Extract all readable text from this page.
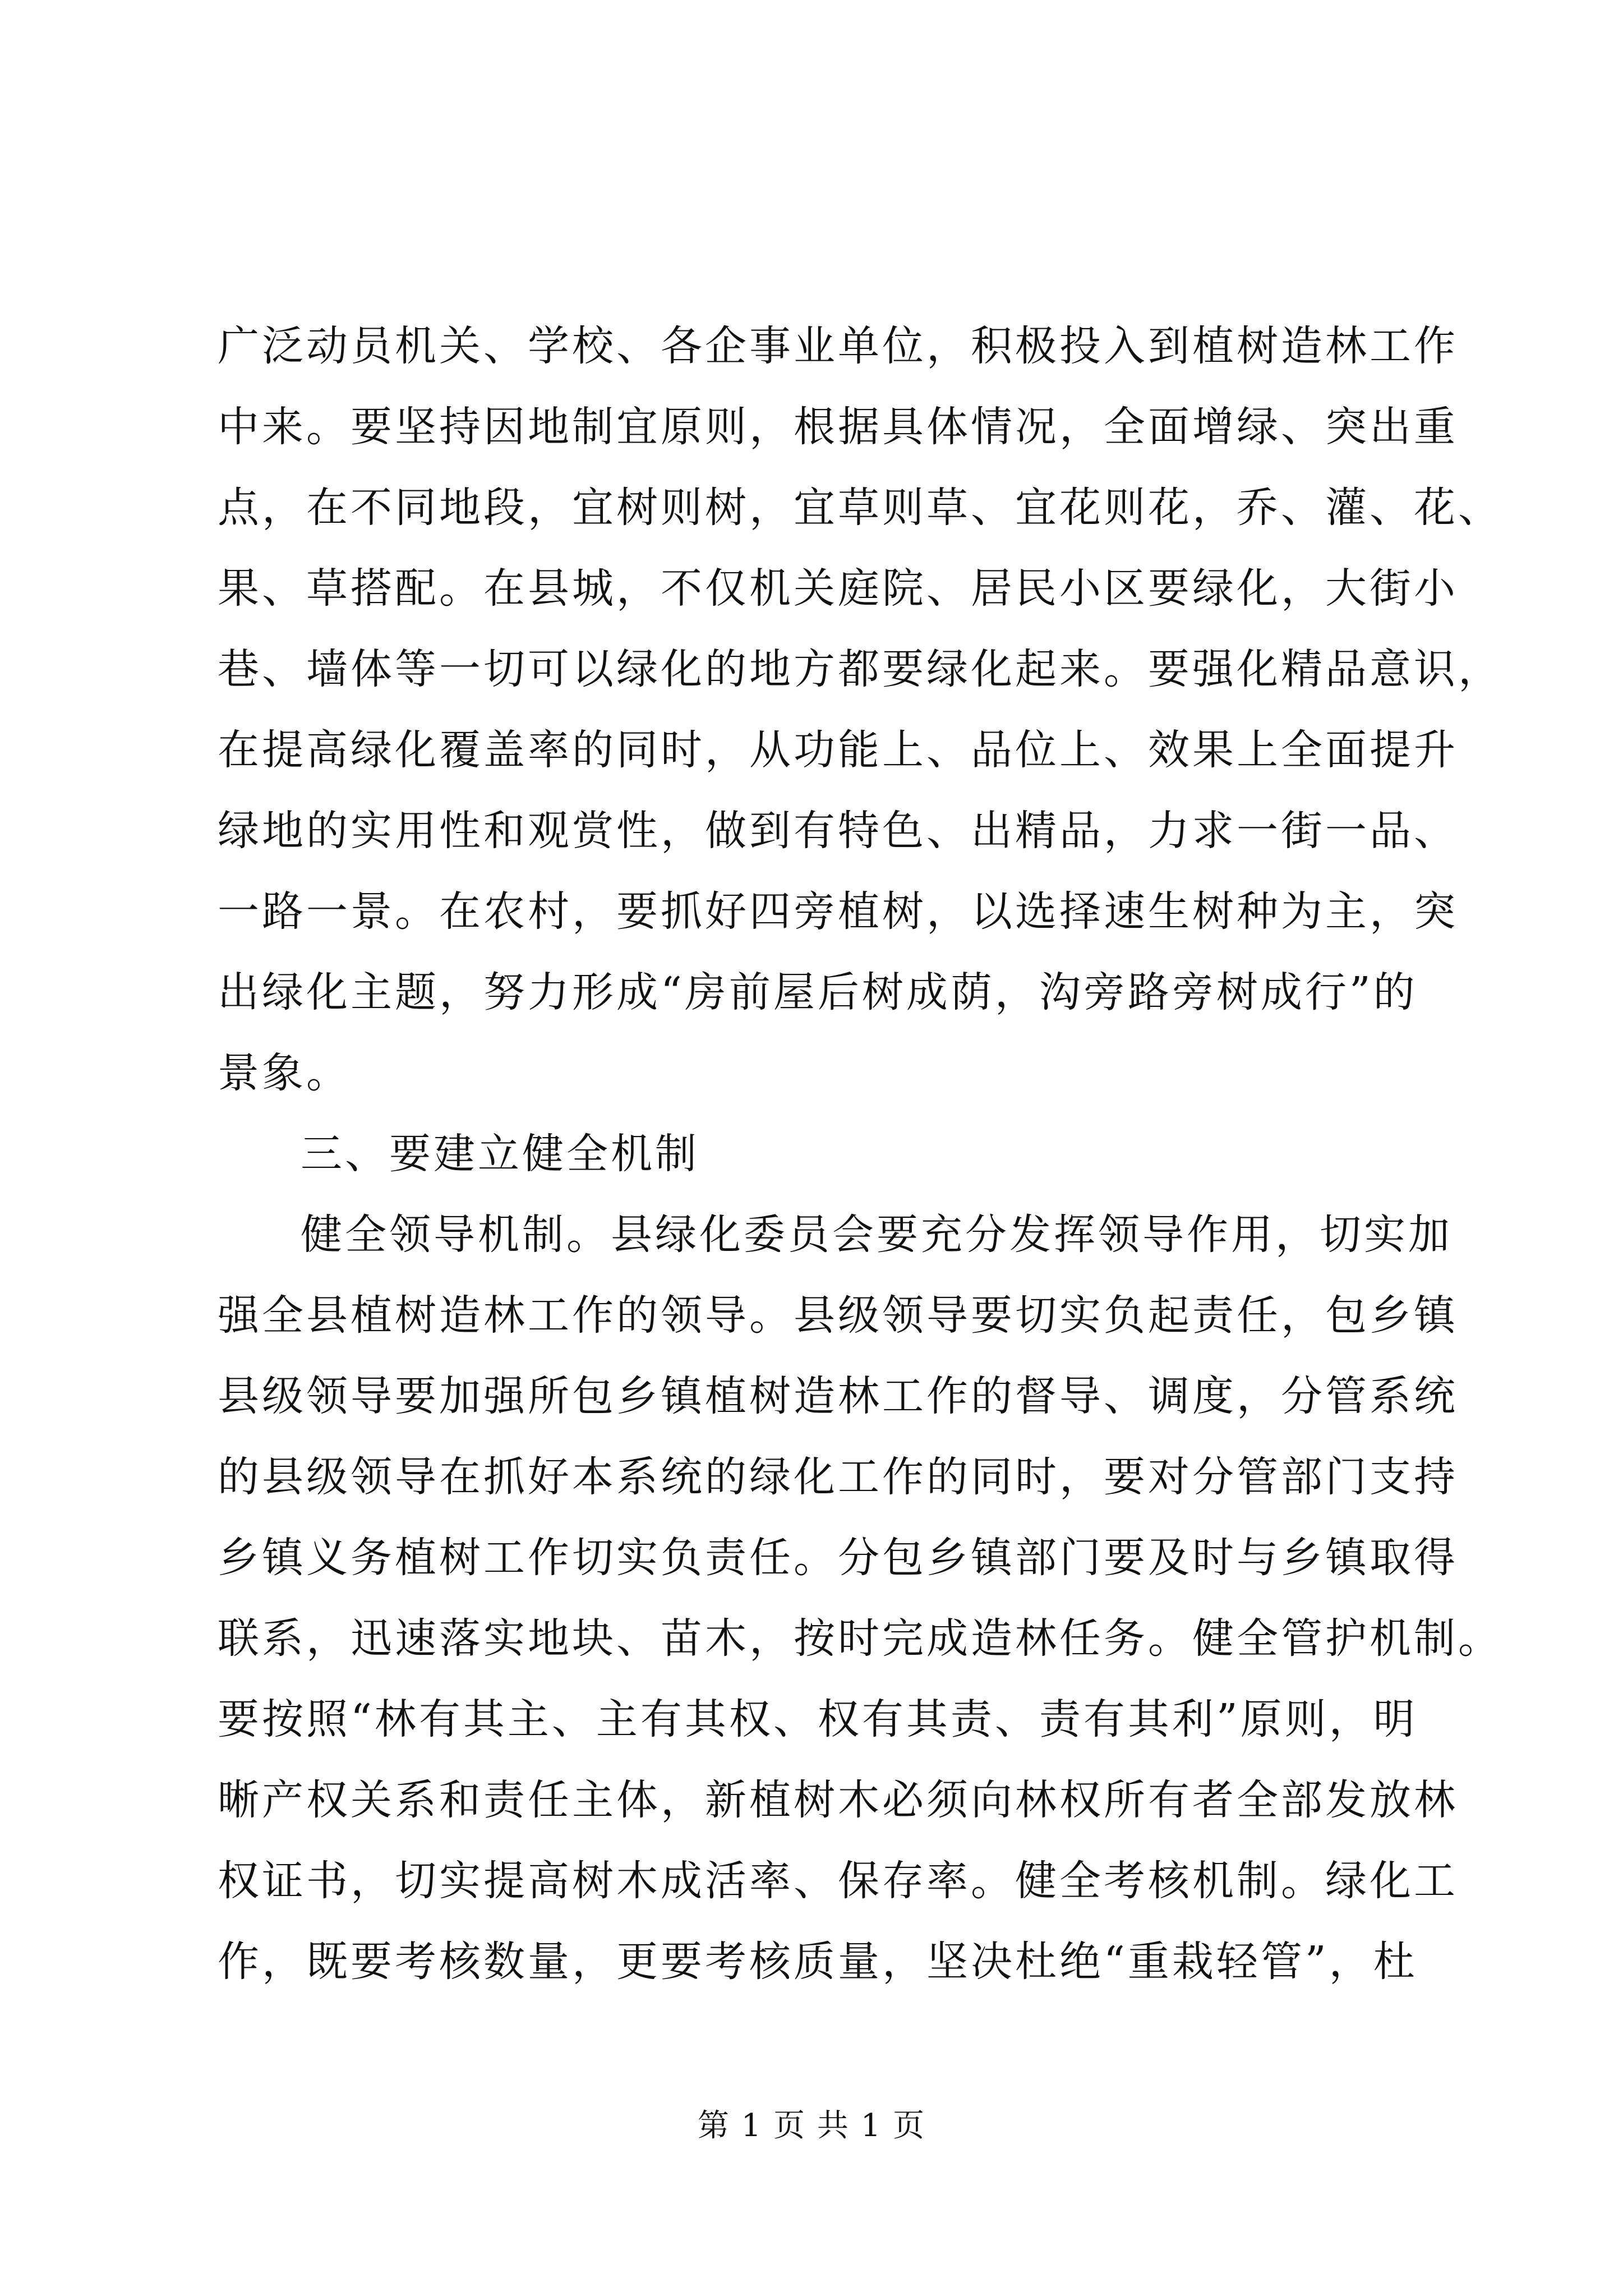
广泛动员机关、学校、各企事业单位，积极投入到植树造林工作
中来。要坚持因地制宜原则，根据具体情况，全面增绿、突出重
点，在不同地段，宜树则树，宜草则草、宜花则花，乔、灌、花、
果、草搭配。在县城，不仅机关庭院、居民小区要绿化，大街小
巷、墙体等一切可以绿化的地方都要绿化起来。要强化精品意识，
在提高绿化覆盖率的同时，从功能上、品位上、效果上全面提升
绿地的实用性和观赏性，做到有特色、出精品，力求一街一品、
一路一景。在农村，要抓好四旁植树，以选择速生树种为主，突
出绿化主题，努力形成“房前屋后树成荫，沟旁路旁树成行”的
景象。
三、要建立健全机制
健全领导机制。县绿化委员会要充分发挥领导作用，切实加
强全县植树造林工作的领导。县级领导要切实负起责任，包乡镇
县级领导要加强所包乡镇植树造林工作的督导、调度，分管系统
的县级领导在抓好本系统的绿化工作的同时，要对分管部门支持
乡镇义务植树工作切实负责任。分包乡镇部门要及时与乡镇取得
联系，迅速落实地块、苗木，按时完成造林任务。健全管护机制。
要按照“林有其主、主有其权、权有其责、责有其利”原则，明
晰产权关系和责任主体，新植树木必须向林权所有者全部发放林
权证书，切实提高树木成活率、保存率。健全考核机制。绿化工
作，既要考核数量，更要考核质量，坚决杜绝“重栽轻管”，杜
第 1 页 共 1 页
